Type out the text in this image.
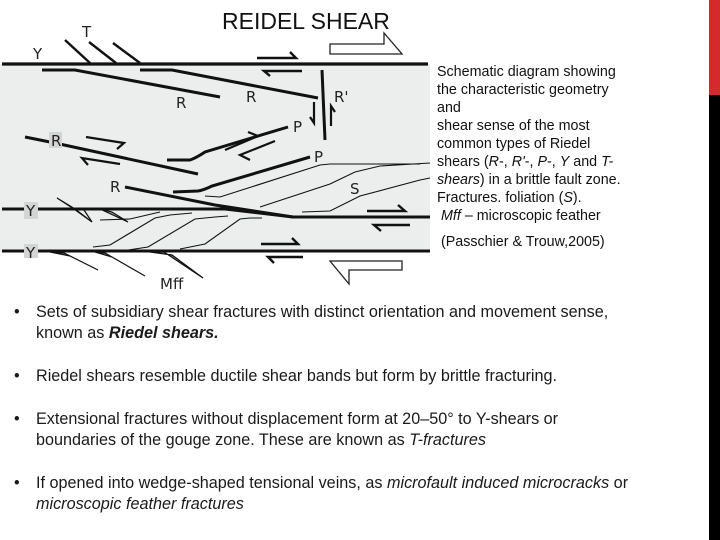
T
Y
R	R	R'
P
P
R
R	S
Y
Y
Mff
REIDEL SHEAR

Schematic diagram showing

the characteristic geometry

and

shear sense of the most

common types of Riedel

shears (R-, R'-, P-, Y and T-

shears) in a brittle fault zone.

Fractures. foliation (S).

Mff – microscopic feather

(Passchier & Trouw,2005)

• Sets of subsidiary shear fractures with distinct orientation and movement sense,
known as Riedel shears.
• Riedel shears resemble ductile shear bands but form by brittle fracturing.
• Extensional fractures without displacement form at 20–50° to Y-shears or
boundaries of the gouge zone. These are known as T-fractures
• If opened into wedge-shaped tensional veins, as microfault induced microcracks or
microscopic feather fractures
